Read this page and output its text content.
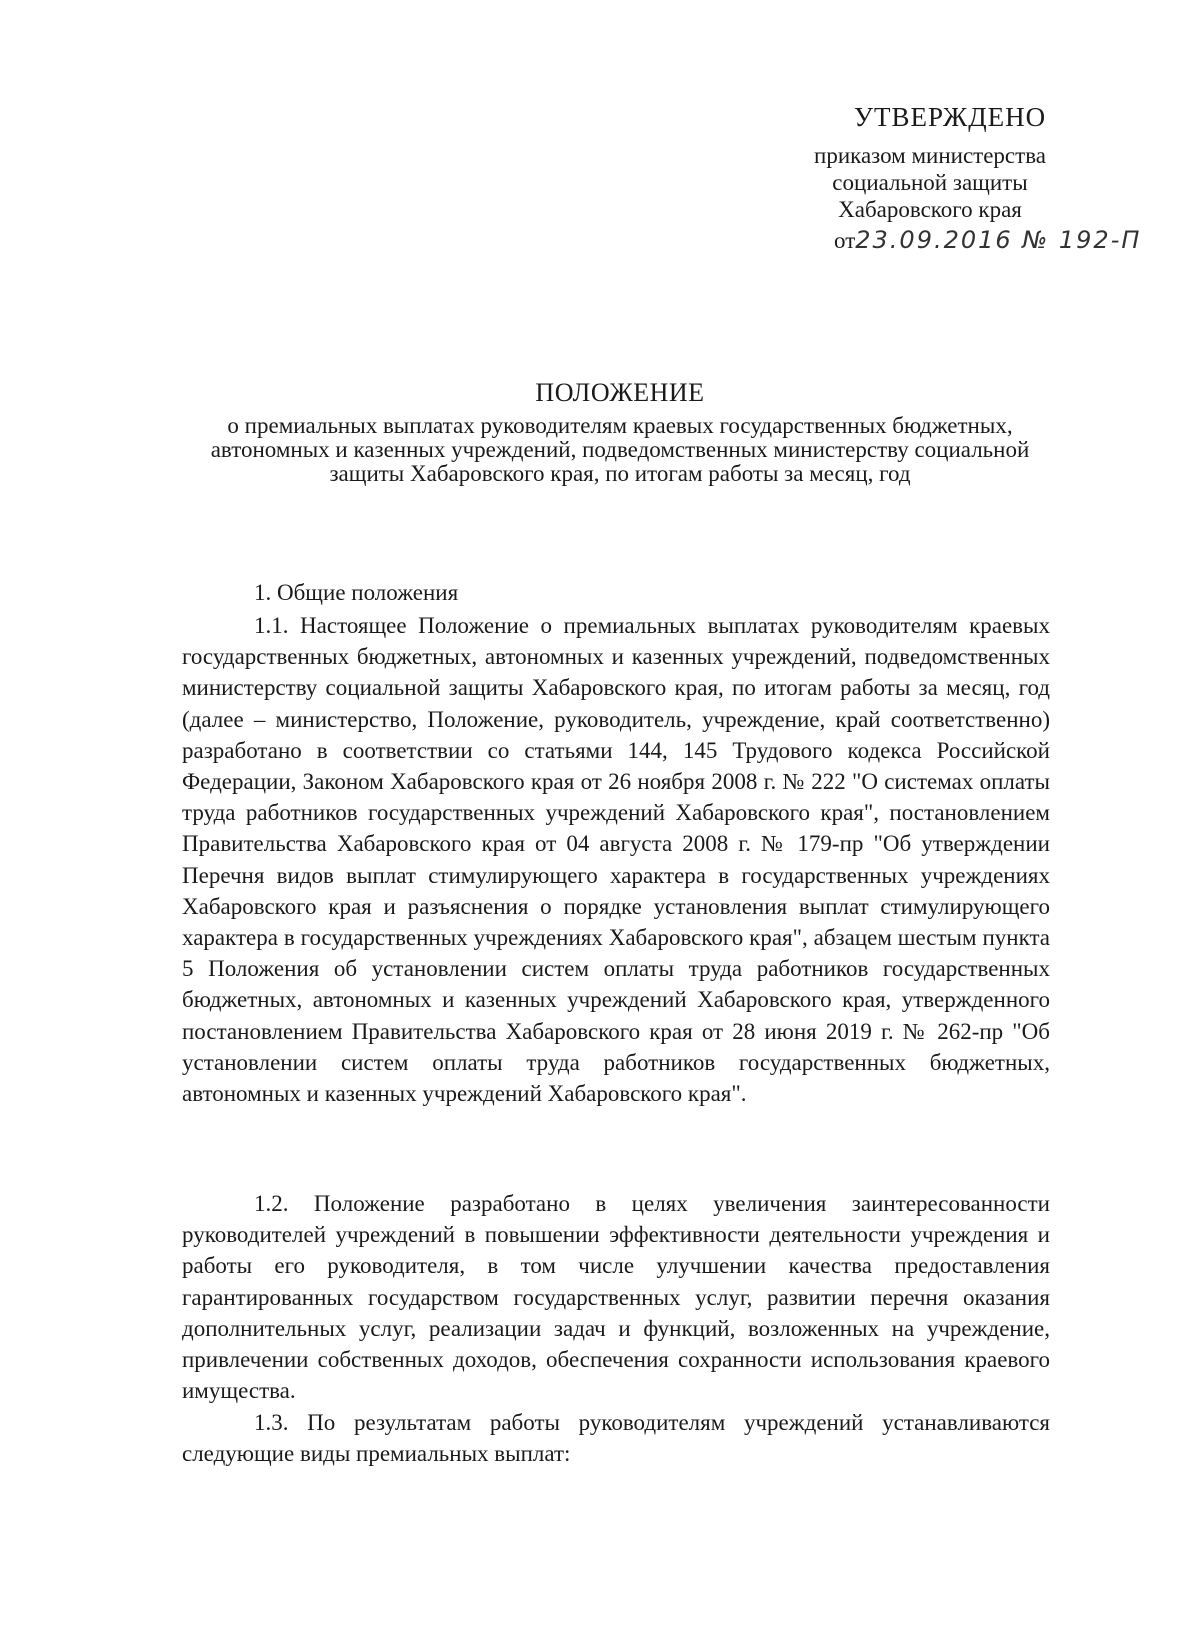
УТВЕРЖДЕНО
приказом министерства
социальной защиты
Хабаровского края
от23.09.2016 № 192-П
ПОЛОЖЕНИЕ
о премиальных выплатах руководителям краевых государственных бюджетных, автономных и казенных учреждений, подведомственных министерству социальной защиты Хабаровского края, по итогам работы за месяц, год
1. Общие положения
1.1. Настоящее Положение о премиальных выплатах руководителям краевых государственных бюджетных, автономных и казенных учреждений, подведомственных министерству социальной защиты Хабаровского края, по итогам работы за месяц, год (далее – министерство, Положение, руководитель, учреждение, край соответственно) разработано в соответствии со статьями 144, 145 Трудового кодекса Российской Федерации, Законом Хабаровского края от 26 ноября 2008 г. № 222 "О системах оплаты труда работников государственных учреждений Хабаровского края", постановлением Правительства Хабаровского края от 04 августа 2008 г. № 179-пр "Об утверждении Перечня видов выплат стимулирующего характера в государственных учреждениях Хабаровского края и разъяснения о порядке установления выплат стимулирующего характера в государственных учреждениях Хабаровского края", абзацем шестым пункта 5 Положения об установлении систем оплаты труда работников государственных бюджетных, автономных и казенных учреждений Хабаровского края, утвержденного постановлением Правительства Хабаровского края от 28 июня 2019 г. № 262-пр "Об установлении систем оплаты труда работников государственных бюджетных, автономных и казенных учреждений Хабаровского края".
1.2. Положение разработано в целях увеличения заинтересованности руководителей учреждений в повышении эффективности деятельности учреждения и работы его руководителя, в том числе улучшении качества предоставления гарантированных государством государственных услуг, развитии перечня оказания дополнительных услуг, реализации задач и функций, возложенных на учреждение, привлечении собственных доходов, обеспечения сохранности использования краевого имущества.
1.3. По результатам работы руководителям учреждений устанавливаются следующие виды премиальных выплат:
